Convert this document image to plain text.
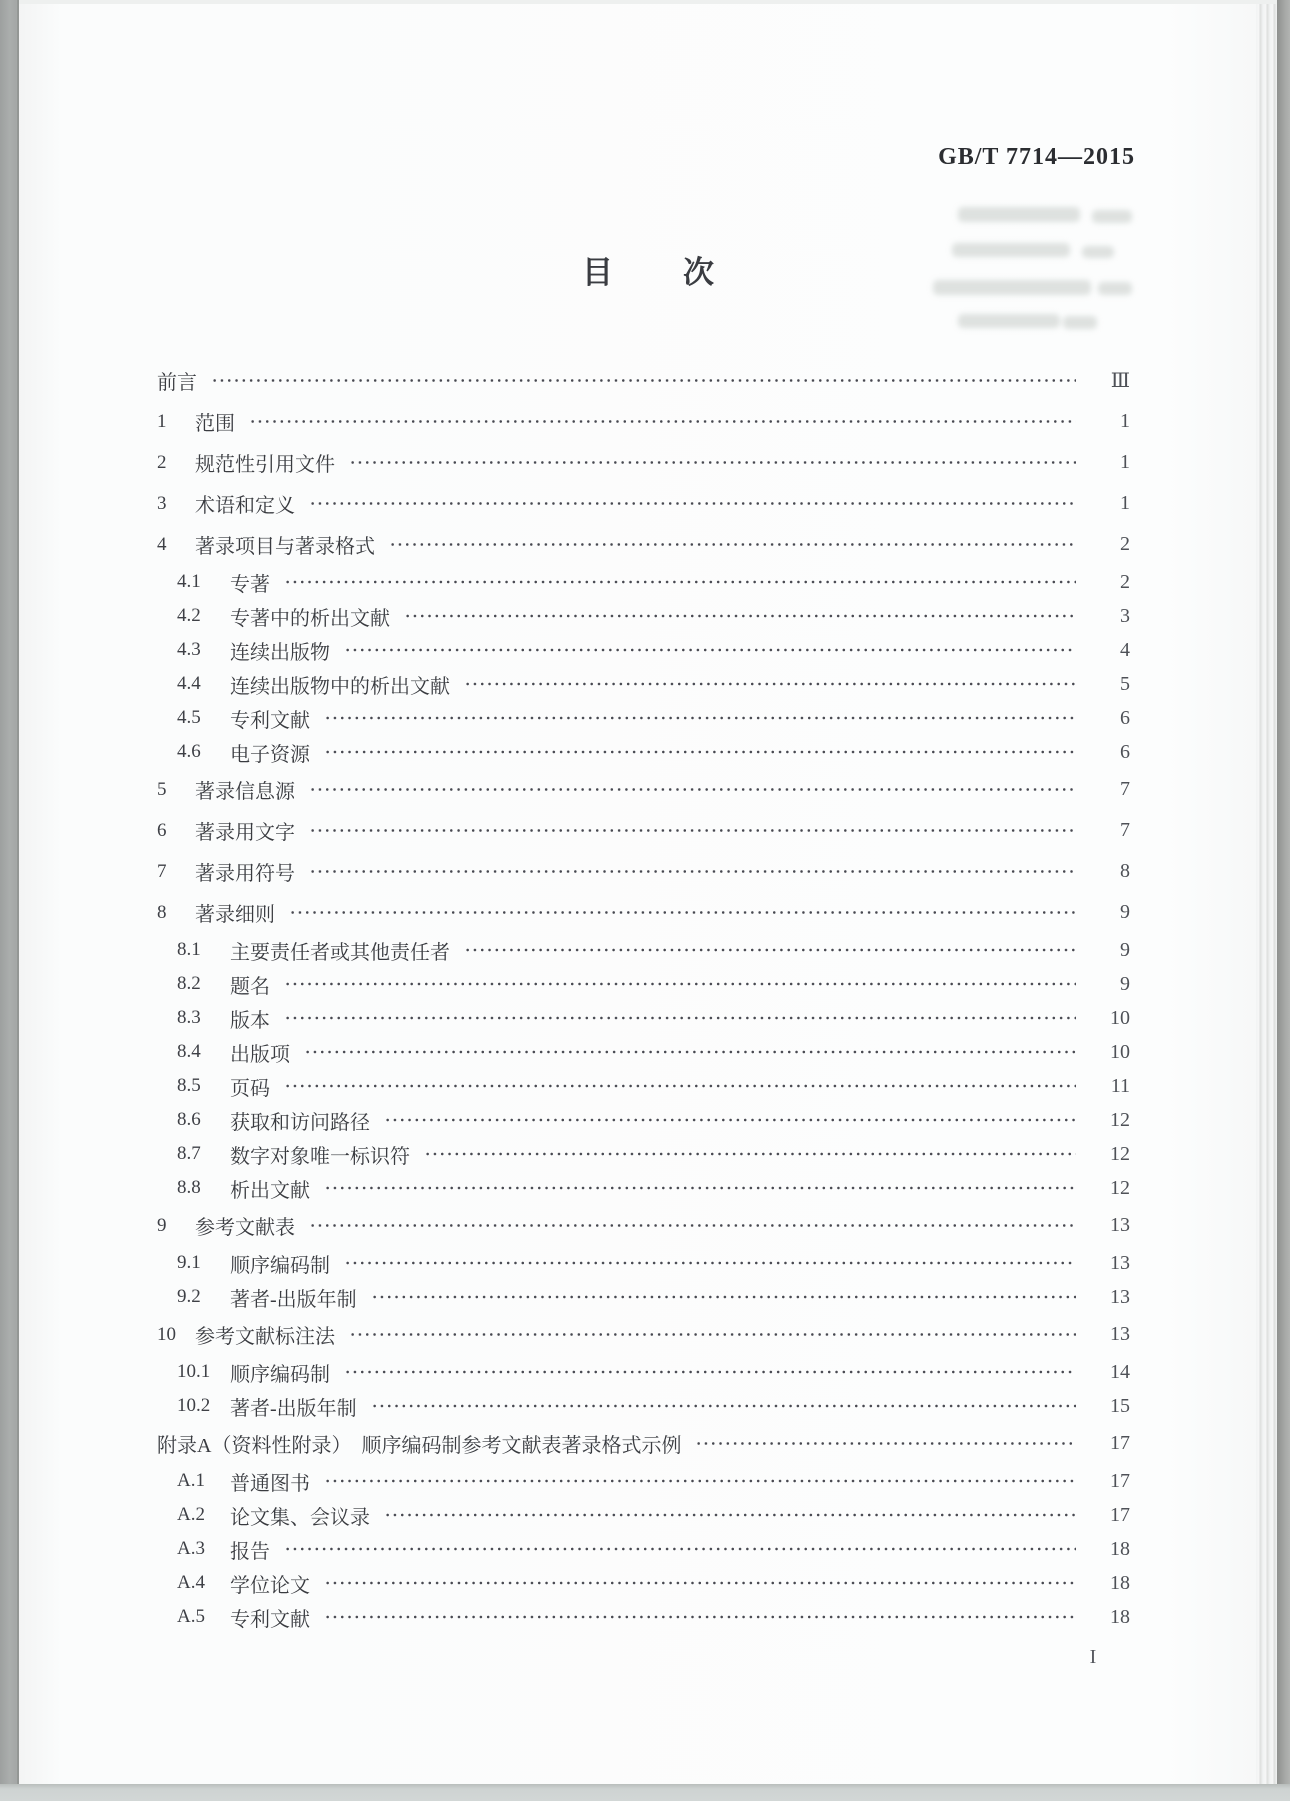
GB/T 7714—2015
目次
前言	Ⅲ
1	范围	1
2	规范性引用文件	1
3	术语和定义	1
4	著录项目与著录格式	2
4.1	专著	2
4.2	专著中的析出文献	3
4.3	连续出版物	4
4.4	连续出版物中的析出文献	5
4.5	专利文献	6
4.6	电子资源	6
5	著录信息源	7
6	著录用文字	7
7	著录用符号	8
8	著录细则	9
8.1	主要责任者或其他责任者	9
8.2	题名	9
8.3	版本	10
8.4	出版项	10
8.5	页码	11
8.6	获取和访问路径	12
8.7	数字对象唯一标识符	12
8.8	析出文献	12
9	参考文献表	13
9.1	顺序编码制	13
9.2	著者-出版年制	13
10 参考文献标注法	13
10.1 顺序编码制	14
10.2 著者-出版年制	15
附录A（资料性附录）　顺序编码制参考文献表著录格式示例	17
A.1	普通图书	17
A.2	论文集、会议录	17
A.3	报告	18
A.4	学位论文	18
A.5	专利文献	18
I
